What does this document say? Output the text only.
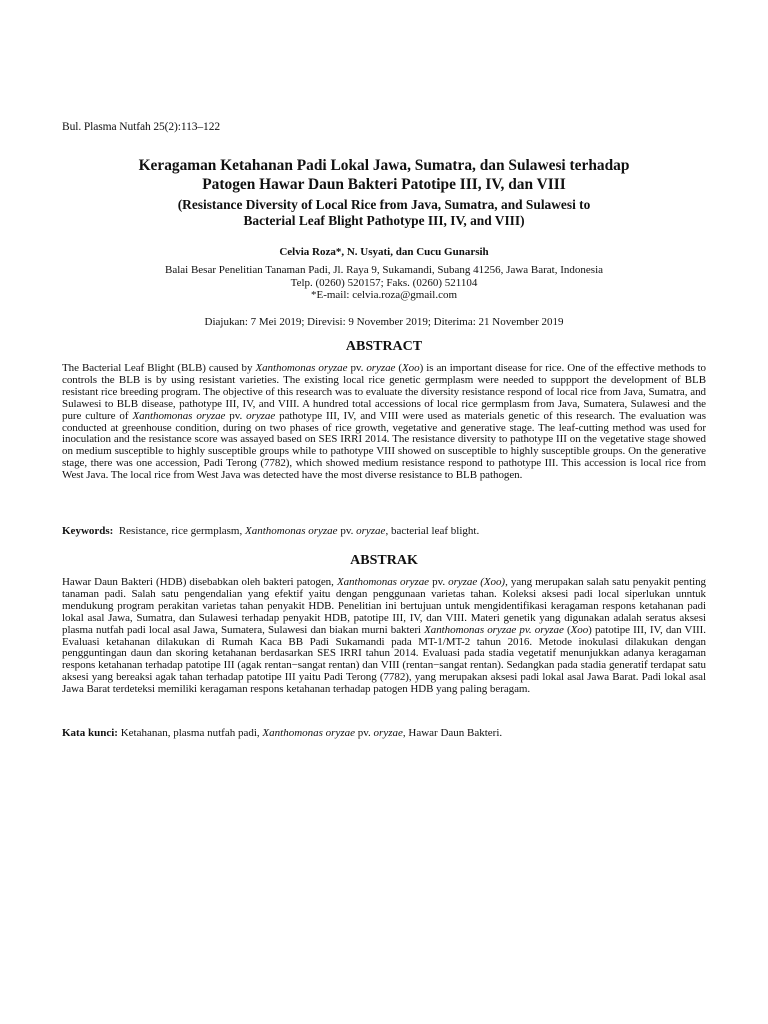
Bul. Plasma Nutfah 25(2):113–122

Keragaman Ketahanan Padi Lokal Jawa, Sumatra, dan Sulawesi terhadap
Patogen Hawar Daun Bakteri Patotipe III, IV, dan VIII

(Resistance Diversity of Local Rice from Java, Sumatra, and Sulawesi to
Bacterial Leaf Blight Pathotype III, IV, and VIII)

Celvia Roza*, N. Usyati, dan Cucu Gunarsih
Balai Besar Penelitian Tanaman Padi, Jl. Raya 9, Sukamandi, Subang 41256, Jawa Barat, Indonesia
Telp. (0260) 520157; Faks. (0260) 521104
*E-mail: celvia.roza@gmail.com
Diajukan: 7 Mei 2019; Direvisi: 9 November 2019; Diterima: 21 November 2019
ABSTRACT

The Bacterial Leaf Blight (BLB) caused by Xanthomonas oryzae pv. oryzae (Xoo) is an important disease for rice. One of the effective methods to controls the BLB is by using resistant varieties. The existing local rice genetic germplasm were needed to suppport the development of BLB resistant rice breeding program. The objective of this research was to evaluate the diversity resistance respond of local rice from Java, Sumatra, and Sulawesi to BLB disease, pathotype III, IV, and VIII. A hundred total accessions of local rice germplasm from Java, Sumatera, Sulawesi and the pure culture of Xanthomonas oryzae pv. oryzae pathotype III, IV, and VIII were used as materials genetic of this research. The evaluation was conducted at greenhouse condition, during on two phases of rice growth, vegetative and generative stage. The leaf-cutting method was used for inoculation and the resistance score was assayed based on SES IRRI 2014. The resistance diversity to pathotype III on the vegetative stage showed on medium susceptible to highly susceptible groups while to pathotype VIII showed on susceptible to highly susceptible groups. On the generative stage, there was one accession, Padi Terong (7782), which showed medium resistance respond to pathotype III. This accession is local rice from West Java. The local rice from West Java was detected have the most diverse resistance to BLB pathogen.

Keywords: Resistance, rice germplasm, Xanthomonas oryzae pv. oryzae, bacterial leaf blight.
ABSTRAK

Hawar Daun Bakteri (HDB) disebabkan oleh bakteri patogen, Xanthomonas oryzae pv. oryzae (Xoo), yang merupakan salah satu penyakit penting tanaman padi. Salah satu pengendalian yang efektif yaitu dengan penggunaan varietas tahan. Koleksi aksesi padi local siperlukan unntuk mendukung program perakitan varietas tahan penyakit HDB. Penelitian ini bertujuan untuk mengidentifikasi keragaman respons ketahanan padi lokal asal Jawa, Sumatra, dan Sulawesi terhadap penyakit HDB, patotipe III, IV, dan VIII. Materi genetik yang digunakan adalah seratus aksesi plasma nutfah padi local asal Jawa, Sumatera, Sulawesi dan biakan murni bakteri Xanthomonas oryzae pv. oryzae (Xoo) patotipe III, IV, dan VIII. Evaluasi ketahanan dilakukan di Rumah Kaca BB Padi Sukamandi pada MT-1/MT-2 tahun 2016. Metode inokulasi dilakukan dengan pengguntingan daun dan skoring ketahanan berdasarkan SES IRRI tahun 2014. Evaluasi pada stadia vegetatif menunjukkan adanya keragaman respons ketahanan terhadap patotipe III (agak rentan−sangat rentan) dan VIII (rentan−sangat rentan). Sedangkan pada stadia generatif terdapat satu aksesi yang bereaksi agak tahan terhadap patotipe III yaitu Padi Terong (7782), yang merupakan aksesi padi lokal asal Jawa Barat. Padi lokal asal Jawa Barat terdeteksi memiliki keragaman respons ketahanan terhadap patogen HDB yang paling beragam.

Kata kunci: Ketahanan, plasma nutfah padi, Xanthomonas oryzae pv. oryzae, Hawar Daun Bakteri.
